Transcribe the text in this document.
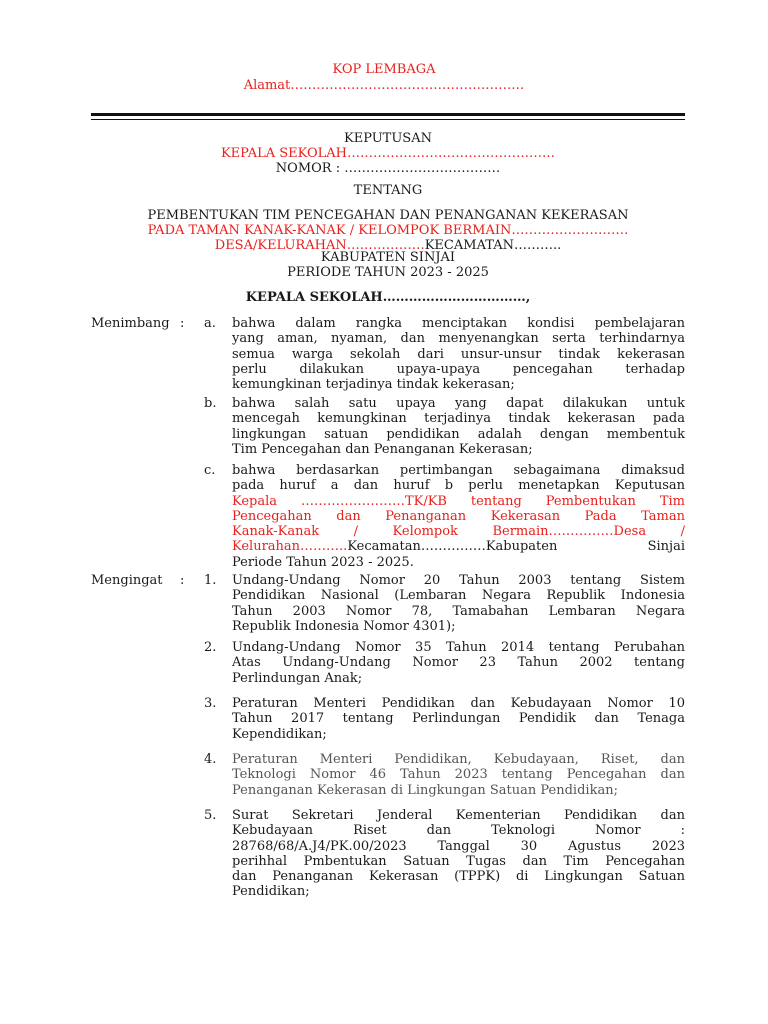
KOP LEMBAGA
Alamat………………………………………………
KEPUTUSAN
KEPALA SEKOLAH…………………………………………
NOMOR : ………………………………
TENTANG
PEMBENTUKAN TIM PENCEGAHAN DAN PENANGANAN KEKERASAN
PADA TAMAN KANAK-KANAK / KELOMPOK BERMAIN………………………
DESA/KELURAHAN………………KECAMATAN………..
KABUPATEN SINJAI
PERIODE TAHUN 2023 - 2025
KEPALA SEKOLAH……………………………,
Menimbang :	a.	bahwa dalam rangka menciptakan kondisi pembelajaran
yang aman, nyaman, dan menyenangkan serta terhindarnya
semua warga sekolah dari unsur-unsur tindak kekerasan
perlu dilakukan upaya-upaya pencegahan terhadap
kemungkinan terjadinya tindak kekerasan;
b.	bahwa salah satu upaya yang dapat dilakukan untuk
mencegah kemungkinan terjadinya tindak kekerasan pada
lingkungan satuan pendidikan adalah dengan membentuk
Tim Pencegahan dan Penanganan Kekerasan;
c.	bahwa berdasarkan pertimbangan sebagaimana dimaksud
pada huruf a dan huruf b perlu menetapkan Keputusan
Kepala ……………………TK/KB tentang Pembentukan Tim
Pencegahan dan Penanganan Kekerasan Pada Taman
Kanak-Kanak / Kelompok Bermain……………Desa /
Kelurahan………..Kecamatan……………Kabupaten Sinjai
Periode Tahun 2023 - 2025.
Mengingat	:	1.	Undang-Undang Nomor 20 Tahun 2003 tentang Sistem
Pendidikan Nasional (Lembaran Negara Republik Indonesia
Tahun 2003 Nomor 78, Tamabahan Lembaran Negara
Republik Indonesia Nomor 4301);
2.	Undang-Undang Nomor 35 Tahun 2014 tentang Perubahan
Atas Undang-Undang Nomor 23 Tahun 2002 tentang
Perlindungan Anak;
3.	Peraturan Menteri Pendidikan dan Kebudayaan Nomor 10
Tahun 2017 tentang Perlindungan Pendidik dan Tenaga
Kependidikan;
4.	Peraturan Menteri Pendidikan, Kebudayaan, Riset, dan
Teknologi Nomor 46 Tahun 2023 tentang Pencegahan dan
Penanganan Kekerasan di Lingkungan Satuan Pendidikan;
5.	Surat Sekretari Jenderal Kementerian Pendidikan dan
Kebudayaan Riset dan Teknologi Nomor :
28768/68/A.J4/PK.00/2023 Tanggal 30 Agustus 2023
perihhal Pmbentukan Satuan Tugas dan Tim Pencegahan
dan Penanganan Kekerasan (TPPK) di Lingkungan Satuan
Pendidikan;
